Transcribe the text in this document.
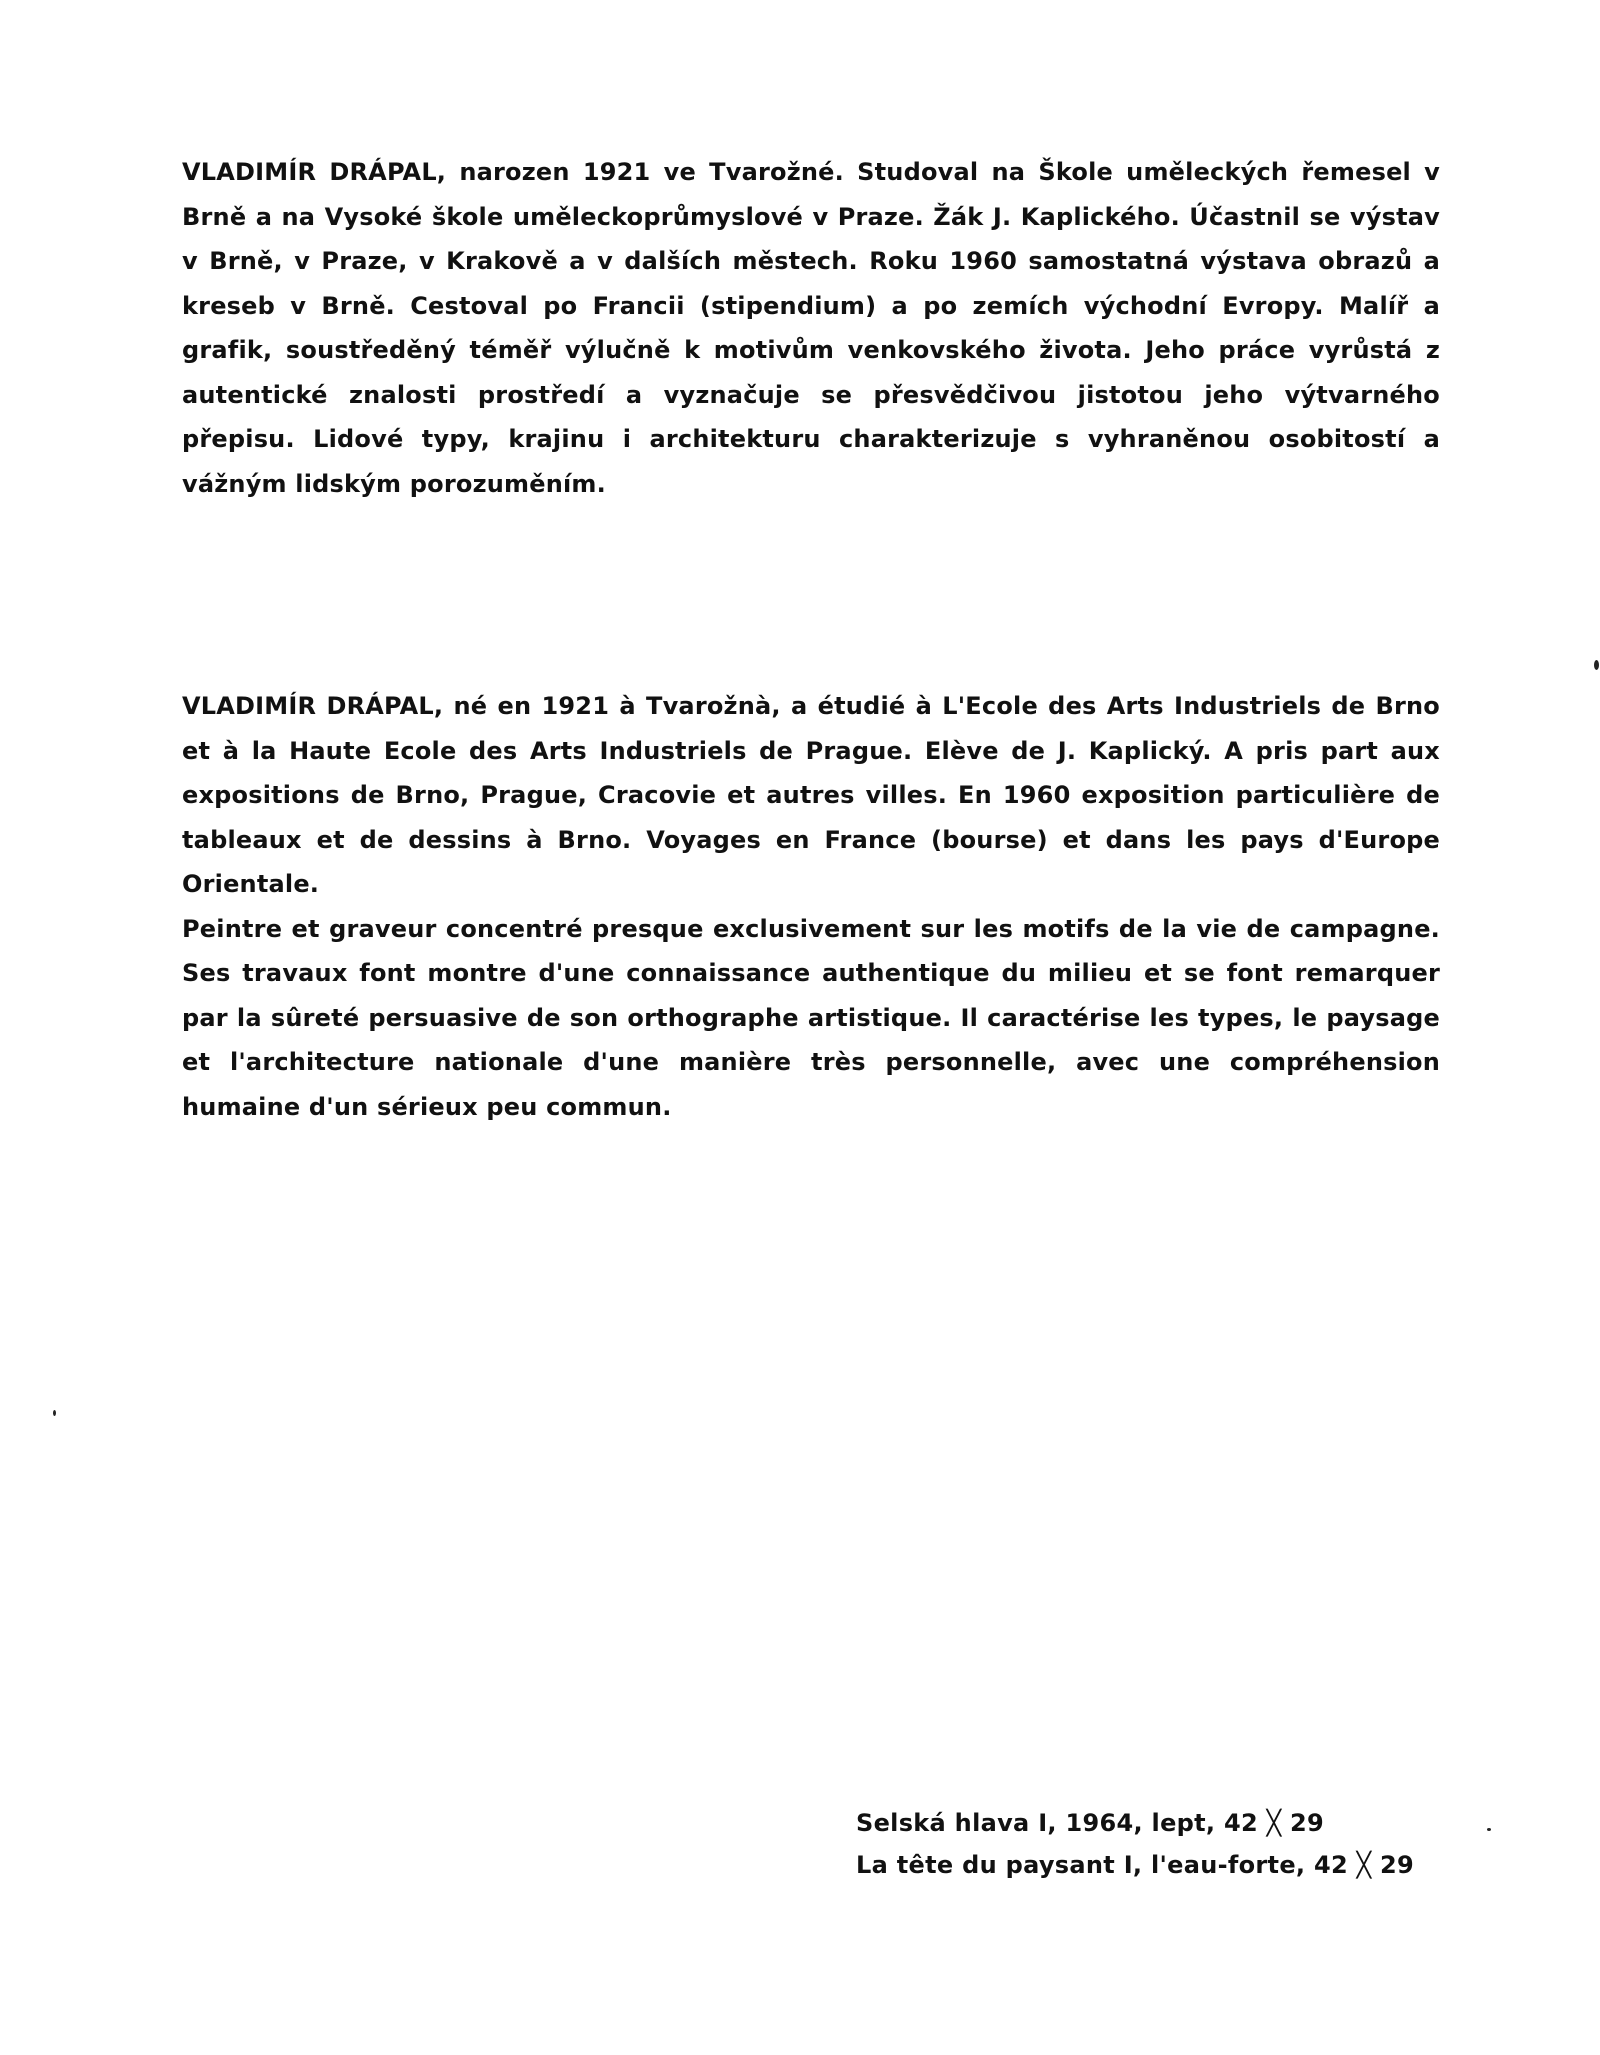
VLADIMÍR DRÁPAL, narozen 1921 ve Tvarožné. Studoval na Škole uměleckých řemesel v Brně a na Vysoké škole uměleckoprůmyslové v Praze. Žák J. Kaplického. Účastnil se výstav v Brně, v Praze, v Krakově a v dalších městech. Roku 1960 samostatná výstava obrazů a kreseb v Brně. Cestoval po Francii (stipendium) a po zemích východní Evropy. Malíř a grafik, soustředěný téměř výlučně k motivům venkovského života. Jeho práce vyrůstá z autentické znalosti prostředí a vyznačuje se přesvědčivou jistotou jeho výtvarného přepisu. Lidové typy, krajinu i architekturu charakterizuje s vyhraněnou osobitostí a vážným lidským porozuměním.

VLADIMÍR DRÁPAL, né en 1921 à Tvarožnà, a étudié à L'Ecole des Arts Industriels de Brno et à la Haute Ecole des Arts Industriels de Prague. Elève de J. Kaplický. A pris part aux expositions de Brno, Prague, Cracovie et autres villes. En 1960 exposition particulière de tableaux et de dessins à Brno. Voyages en France (bourse) et dans les pays d'Europe Orientale.

Peintre et graveur concentré presque exclusivement sur les motifs de la vie de campagne. Ses travaux font montre d'une connaissance authentique du milieu et se font remarquer par la sûreté persuasive de son orthographe artistique. Il caractérise les types, le paysage et l'architecture nationale d'une manière très personnelle, avec une compréhension humaine d'un sérieux peu commun.

Selská hlava I, 1964, lept, 42 ╳ 29
La tête du paysant I, l'eau-forte, 42 ╳ 29
